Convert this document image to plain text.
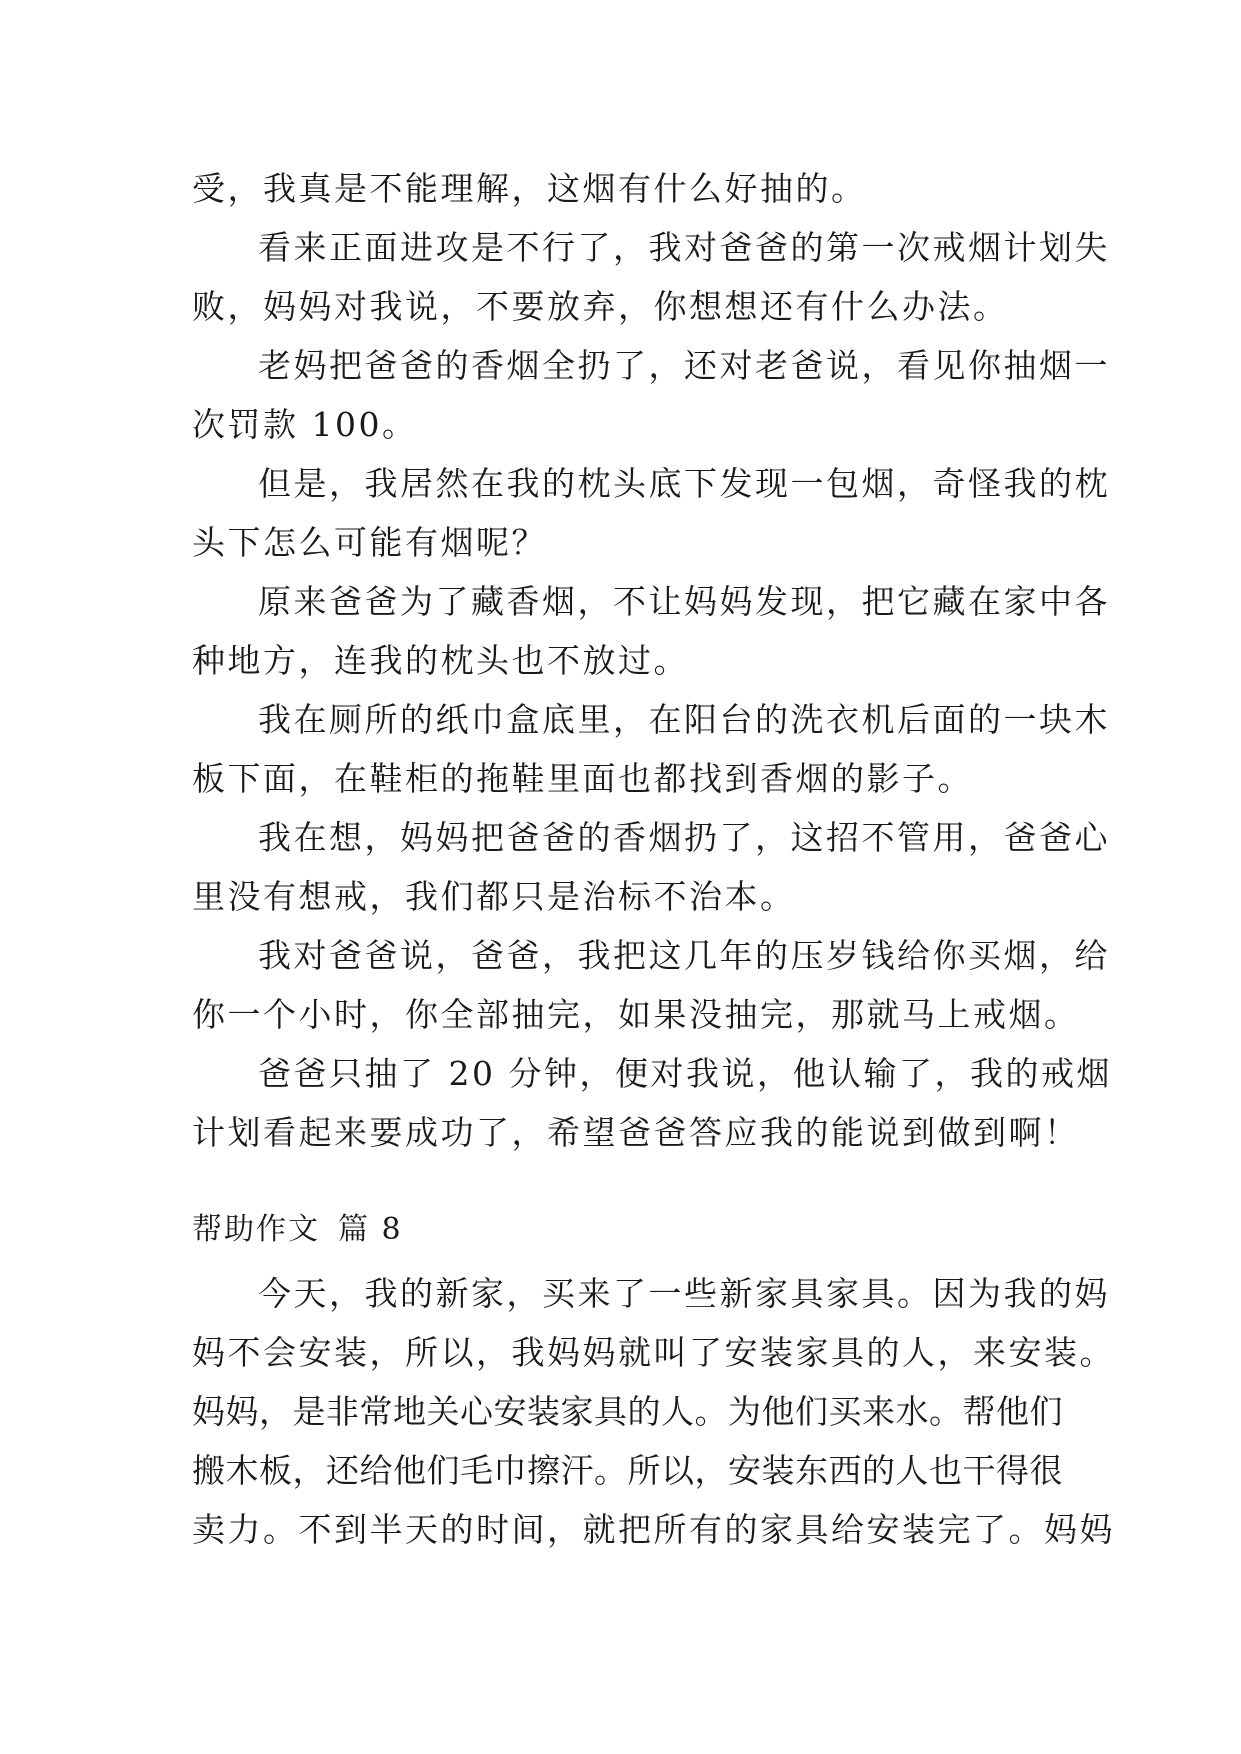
受，我真是不能理解，这烟有什么好抽的。
看来正面进攻是不行了，我对爸爸的第一次戒烟计划失
败，妈妈对我说，不要放弃，你想想还有什么办法。
老妈把爸爸的香烟全扔了，还对老爸说，看见你抽烟一
次罚款 100。
但是，我居然在我的枕头底下发现一包烟，奇怪我的枕
头下怎么可能有烟呢？
原来爸爸为了藏香烟，不让妈妈发现，把它藏在家中各
种地方，连我的枕头也不放过。
我在厕所的纸巾盒底里，在阳台的洗衣机后面的一块木
板下面，在鞋柜的拖鞋里面也都找到香烟的影子。
我在想，妈妈把爸爸的香烟扔了，这招不管用，爸爸心
里没有想戒，我们都只是治标不治本。
我对爸爸说，爸爸，我把这几年的压岁钱给你买烟，给
你一个小时，你全部抽完，如果没抽完，那就马上戒烟。
爸爸只抽了 20 分钟，便对我说，他认输了，我的戒烟
计划看起来要成功了，希望爸爸答应我的能说到做到啊！
帮助作文 篇 8
今天，我的新家，买来了一些新家具家具。因为我的妈
妈不会安装，所以，我妈妈就叫了安装家具的人，来安装。
妈妈，是非常地关心安装家具的人。为他们买来水。帮他们
搬木板，还给他们毛巾擦汗。所以，安装东西的人也干得很
卖力。不到半天的时间，就把所有的家具给安装完了。妈妈
